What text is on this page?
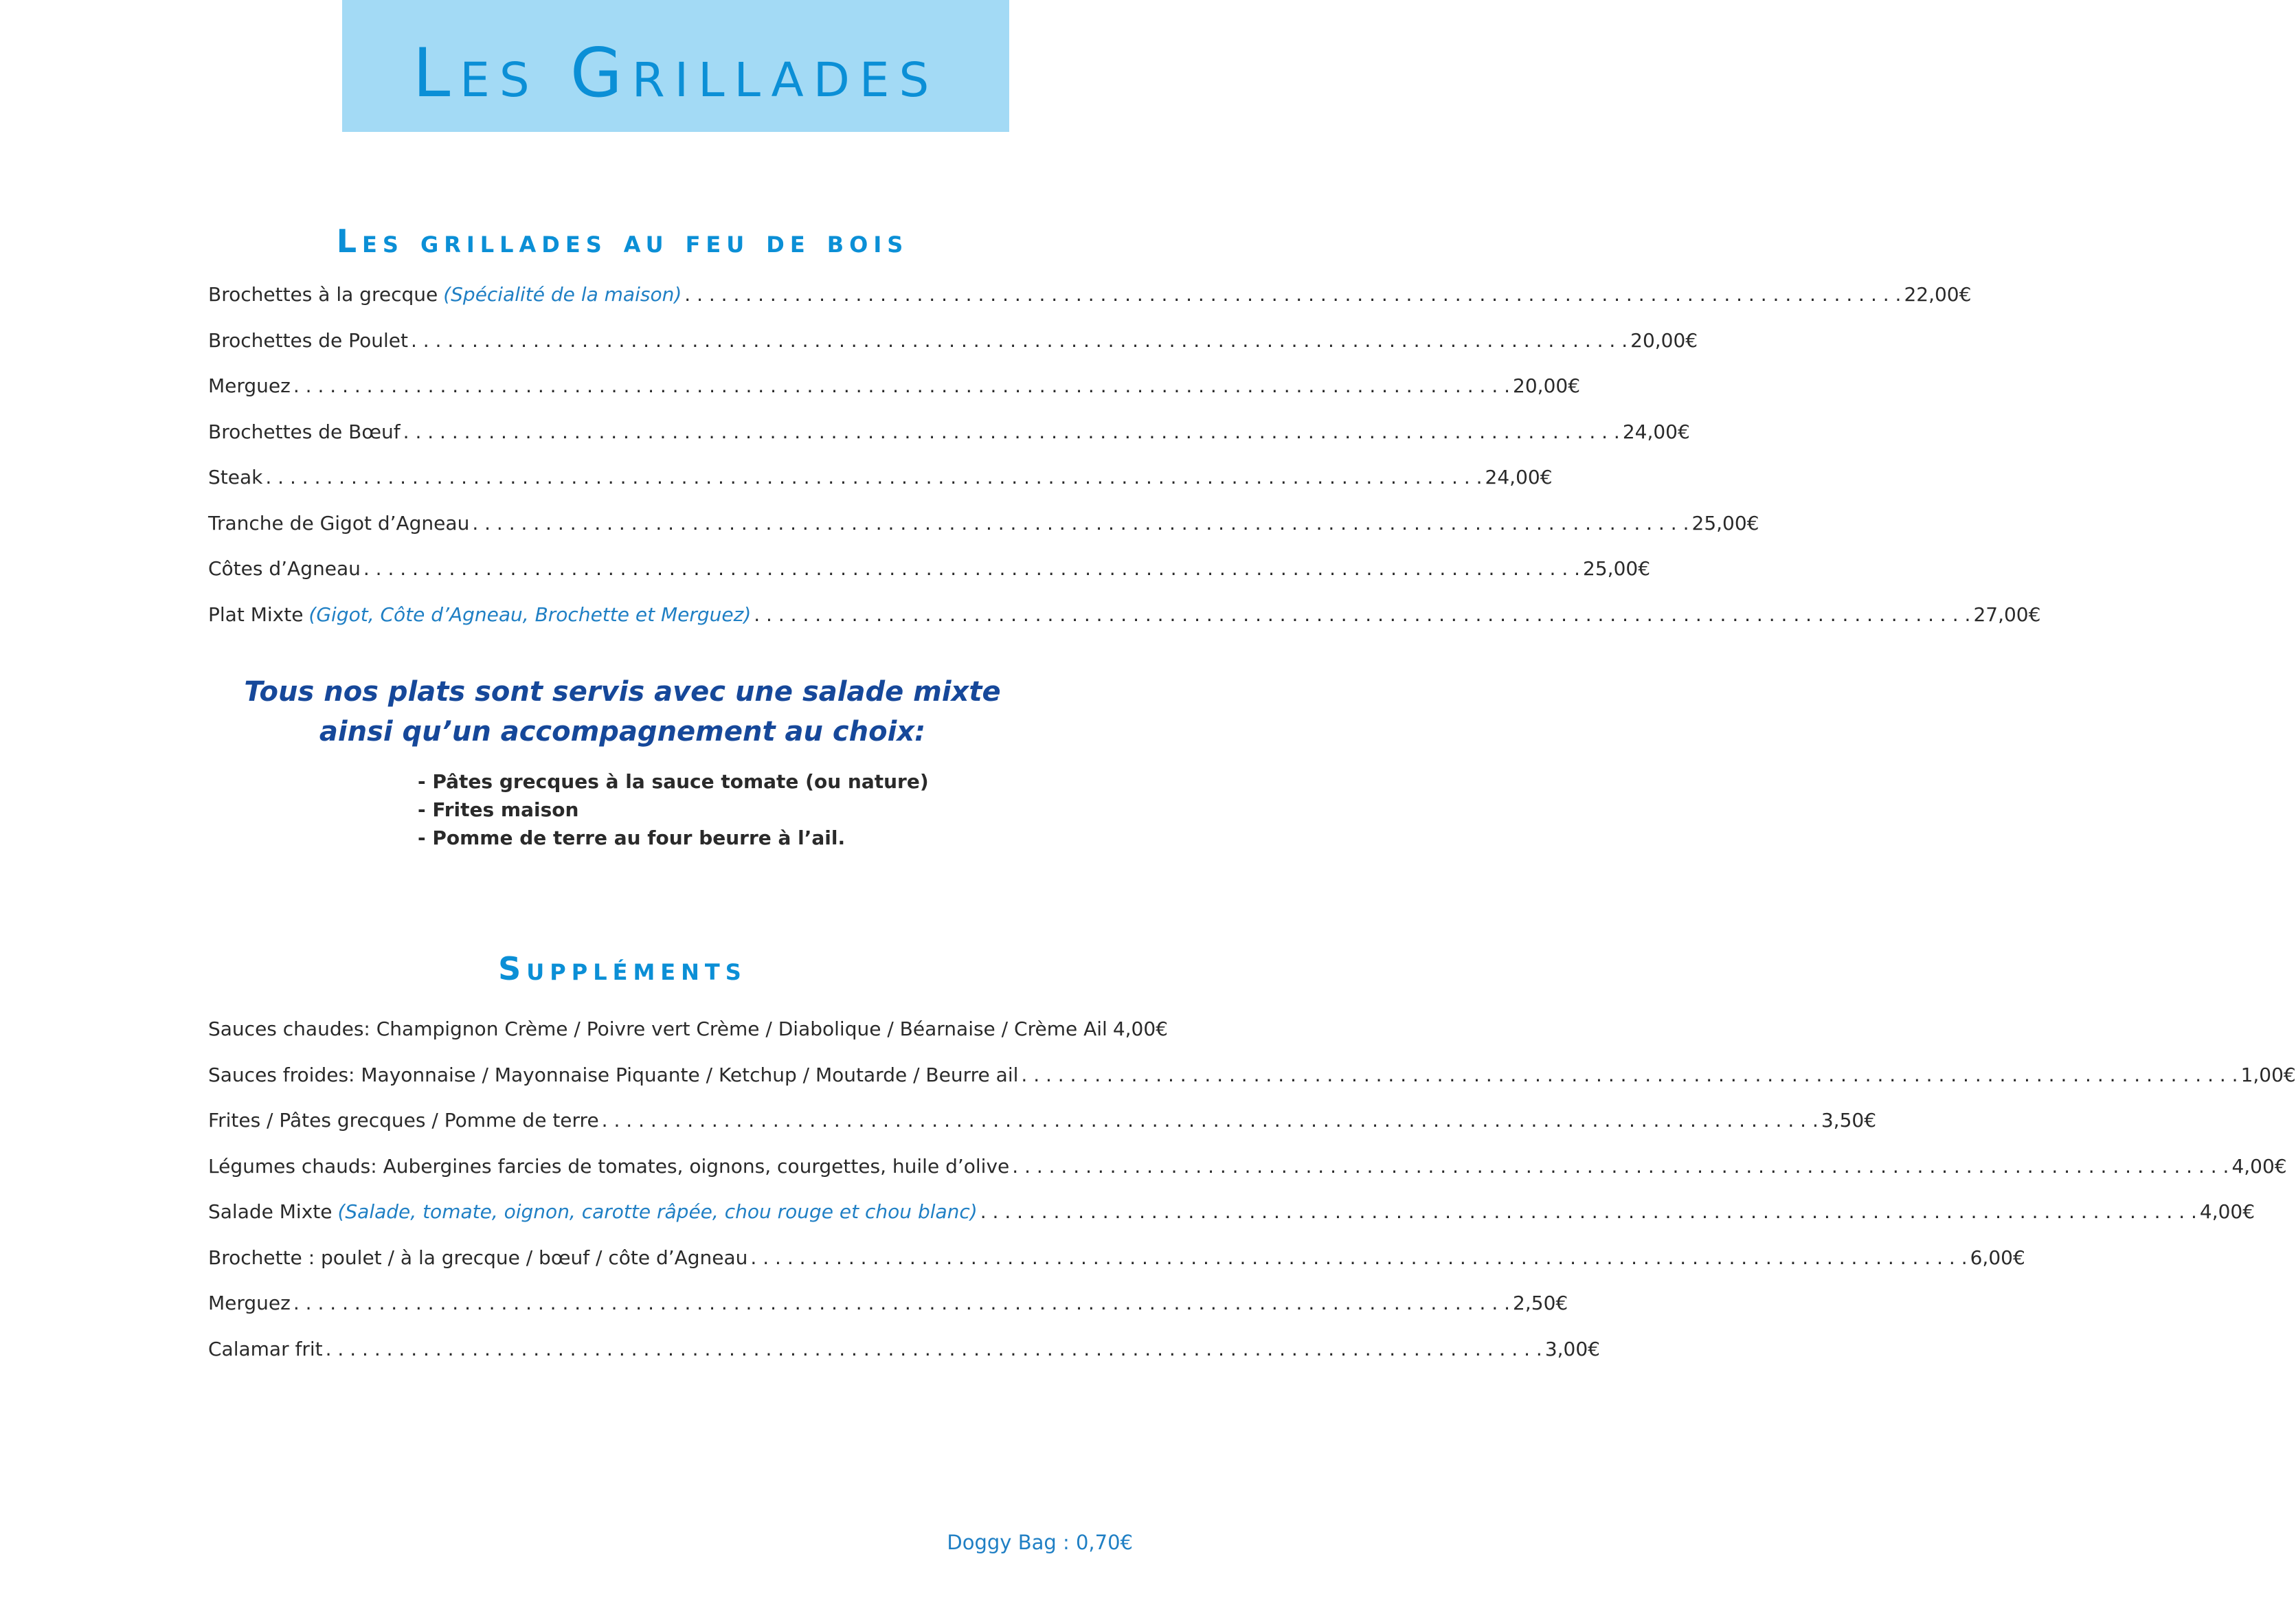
Les Grillades
Les grillades au feu de bois
Brochettes à la grecque (Spécialité de la maison) . . .	22,00€
Brochettes de Poulet . . .	20,00€
Merguez . . .	20,00€
Brochettes de Bœuf . . .	24,00€
Steak . . .	24,00€
Tranche de Gigot d’Agneau . . .	25,00€
Côtes d’Agneau . . .	25,00€
Plat Mixte (Gigot, Côte d’Agneau, Brochette et Merguez) . . .	27,00€
Tous nos plats sont servis avec une salade mixte
ainsi qu’un accompagnement au choix:
- Pâtes grecques à la sauce tomate (ou nature)
- Frites maison
- Pomme de terre au four beurre à l’ail.
Suppléments
Sauces chaudes: Champignon Crème / Poivre vert Crème / Diabolique / Béarnaise / Crème Ail 4,00€
Sauces froides: Mayonnaise / Mayonnaise Piquante / Ketchup / Moutarde / Beurre ail . . .	1,00€
Frites / Pâtes grecques / Pomme de terre . . .	3,50€
Légumes chauds: Aubergines farcies de tomates, oignons, courgettes, huile d’olive . . .	4,00€
Salade Mixte (Salade, tomate, oignon, carotte râpée, chou rouge et chou blanc) . . .	4,00€
Brochette : poulet / à la grecque / bœuf / côte d’Agneau . . .	6,00€
Merguez . . .	2,50€
Calamar frit . . .	3,00€
Doggy Bag : 0,70€
